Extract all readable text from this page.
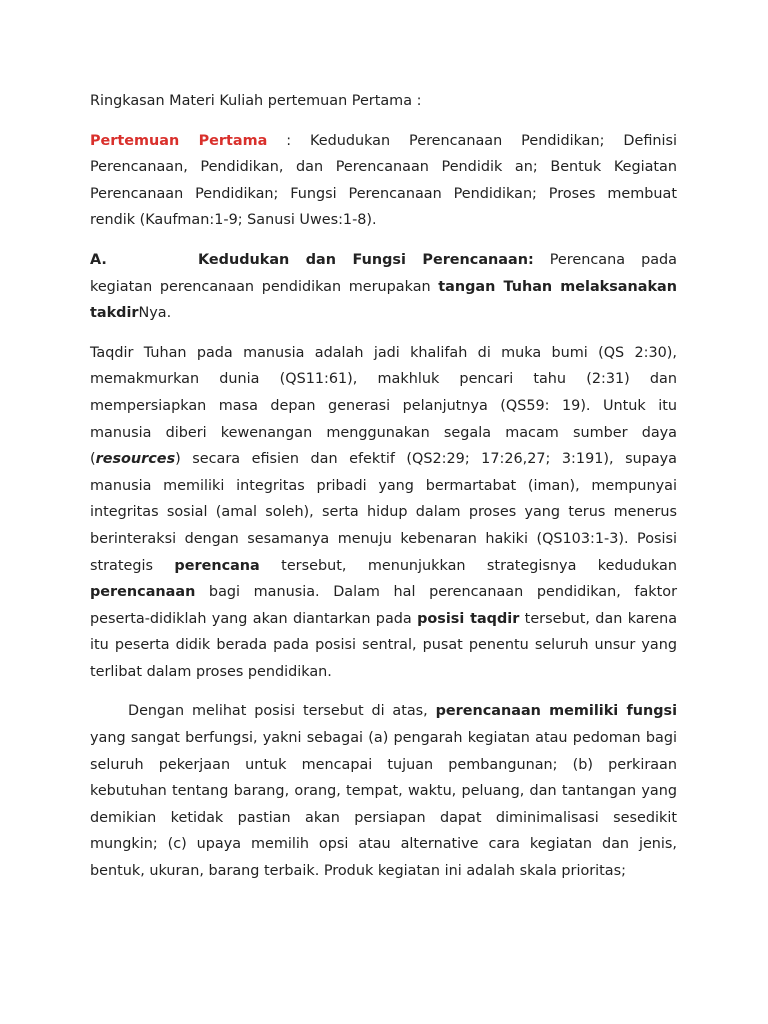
Ringkasan Materi Kuliah pertemuan Pertama :

Pertemuan Pertama : Kedudukan Perencanaan Pendidikan; Definisi Perencanaan, Pendidikan, dan Perencanaan Pendidik an; Bentuk Kegiatan Perencanaan Pendidikan; Fungsi Perencanaan Pendidikan; Proses membuat rendik (Kaufman:1-9; Sanusi Uwes:1-8).

A.	Kedudukan dan Fungsi Perencanaan: Perencana pada kegiatan perencanaan pendidikan merupakan tangan Tuhan melaksanakan takdirNya.

Taqdir Tuhan pada manusia adalah jadi khalifah di muka bumi (QS 2:30), memakmurkan dunia (QS11:61), makhluk pencari tahu (2:31) dan mempersiapkan masa depan generasi pelanjutnya (QS59: 19). Untuk itu manusia diberi kewenangan menggunakan segala macam sumber daya (resources) secara efisien dan efektif (QS2:29; 17:26,27; 3:191), supaya manusia memiliki integritas pribadi yang bermartabat (iman), mempunyai integritas sosial (amal soleh), serta hidup dalam proses yang terus menerus berinteraksi dengan sesamanya menuju kebenaran hakiki (QS103:1-3). Posisi strategis perencana tersebut, menunjukkan strategisnya kedudukan perencanaan bagi manusia. Dalam hal perencanaan pendidikan, faktor peserta-didiklah yang akan diantarkan pada posisi taqdir tersebut, dan karena itu peserta didik berada pada posisi sentral, pusat penentu seluruh unsur yang terlibat dalam proses pendidikan.

Dengan melihat posisi tersebut di atas, perencanaan memiliki fungsi yang sangat berfungsi, yakni sebagai (a) pengarah kegiatan atau pedoman bagi seluruh pekerjaan untuk mencapai tujuan pembangunan; (b) perkiraan kebutuhan tentang barang, orang, tempat, waktu, peluang, dan tantangan yang demikian ketidak pastian akan persiapan dapat diminimalisasi sesedikit mungkin; (c) upaya memilih opsi atau alternative cara kegiatan dan jenis, bentuk, ukuran, barang terbaik. Produk kegiatan ini adalah skala prioritas;
